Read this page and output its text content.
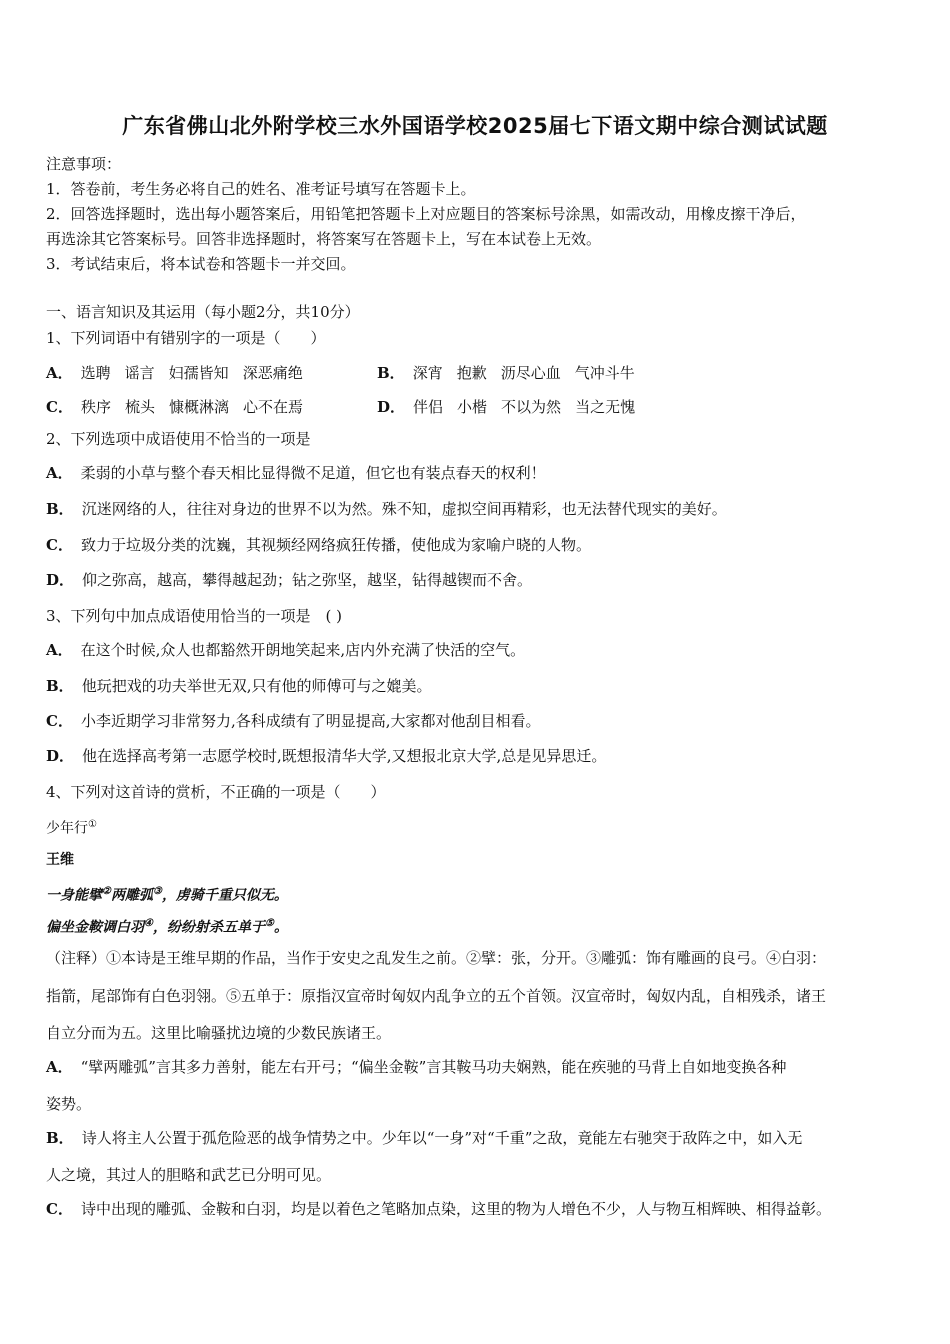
广东省佛山北外附学校三水外国语学校2025届七下语文期中综合测试试题
注意事项：
1．答卷前，考生务必将自己的姓名、准考证号填写在答题卡上。
2．回答选择题时，选出每小题答案后，用铅笔把答题卡上对应题目的答案标号涂黑，如需改动，用橡皮擦干净后，
再选涂其它答案标号。回答非选择题时，将答案写在答题卡上，写在本试卷上无效。
3．考试结束后，将本试卷和答题卡一并交回。
一、语言知识及其运用（每小题2分，共10分）
1、下列词语中有错别字的一项是（　　）
A． 选聘 谣言 妇孺皆知 深恶痛绝	B． 深宵 抱歉 沥尽心血 气冲斗牛
C． 秩序 梳头 慷概淋漓 心不在焉	D． 伴侣 小楷 不以为然 当之无愧
2、下列选项中成语使用不恰当的一项是
A． 柔弱的小草与整个春天相比显得微不足道，但它也有装点春天的权利！
B． 沉迷网络的人，往往对身边的世界不以为然。殊不知，虚拟空间再精彩，也无法替代现实的美好。
C． 致力于垃圾分类的沈巍，其视频经网络疯狂传播，使他成为家喻户晓的人物。
D． 仰之弥高，越高，攀得越起劲；钻之弥坚，越坚，钻得越锲而不舍。
3、下列句中加点成语使用恰当的一项是　( )
A． 在这个时候,众人也都豁然开朗地笑起来,店内外充满了快活的空气。
B． 他玩把戏的功夫举世无双,只有他的师傅可与之媲美。
C． 小李近期学习非常努力,各科成绩有了明显提高,大家都对他刮目相看。
D． 他在选择高考第一志愿学校时,既想报清华大学,又想报北京大学,总是见异思迁。
4、下列对这首诗的赏析，不正确的一项是（　　）
少年行①
王维
一身能擘②两雕弧③，虏骑千重只似无。
偏坐金鞍调白羽④，纷纷射杀五单于⑤。
（注释）①本诗是王维早期的作品，当作于安史之乱发生之前。②擘：张，分开。③雕弧：饰有雕画的良弓。④白羽：
指箭，尾部饰有白色羽翎。⑤五单于：原指汉宣帝时匈奴内乱争立的五个首领。汉宣帝时，匈奴内乱，自相残杀，诸王
自立分而为五。这里比喻骚扰边境的少数民族诸王。
A． “擘两雕弧”言其多力善射，能左右开弓；“偏坐金鞍”言其鞍马功夫娴熟，能在疾驰的马背上自如地变换各种
姿势。
B． 诗人将主人公置于孤危险恶的战争情势之中。少年以“一身”对“千重”之敌，竟能左右驰突于敌阵之中，如入无
人之境，其过人的胆略和武艺已分明可见。
C． 诗中出现的雕弧、金鞍和白羽，均是以着色之笔略加点染，这里的物为人增色不少，人与物互相辉映、相得益彰。
